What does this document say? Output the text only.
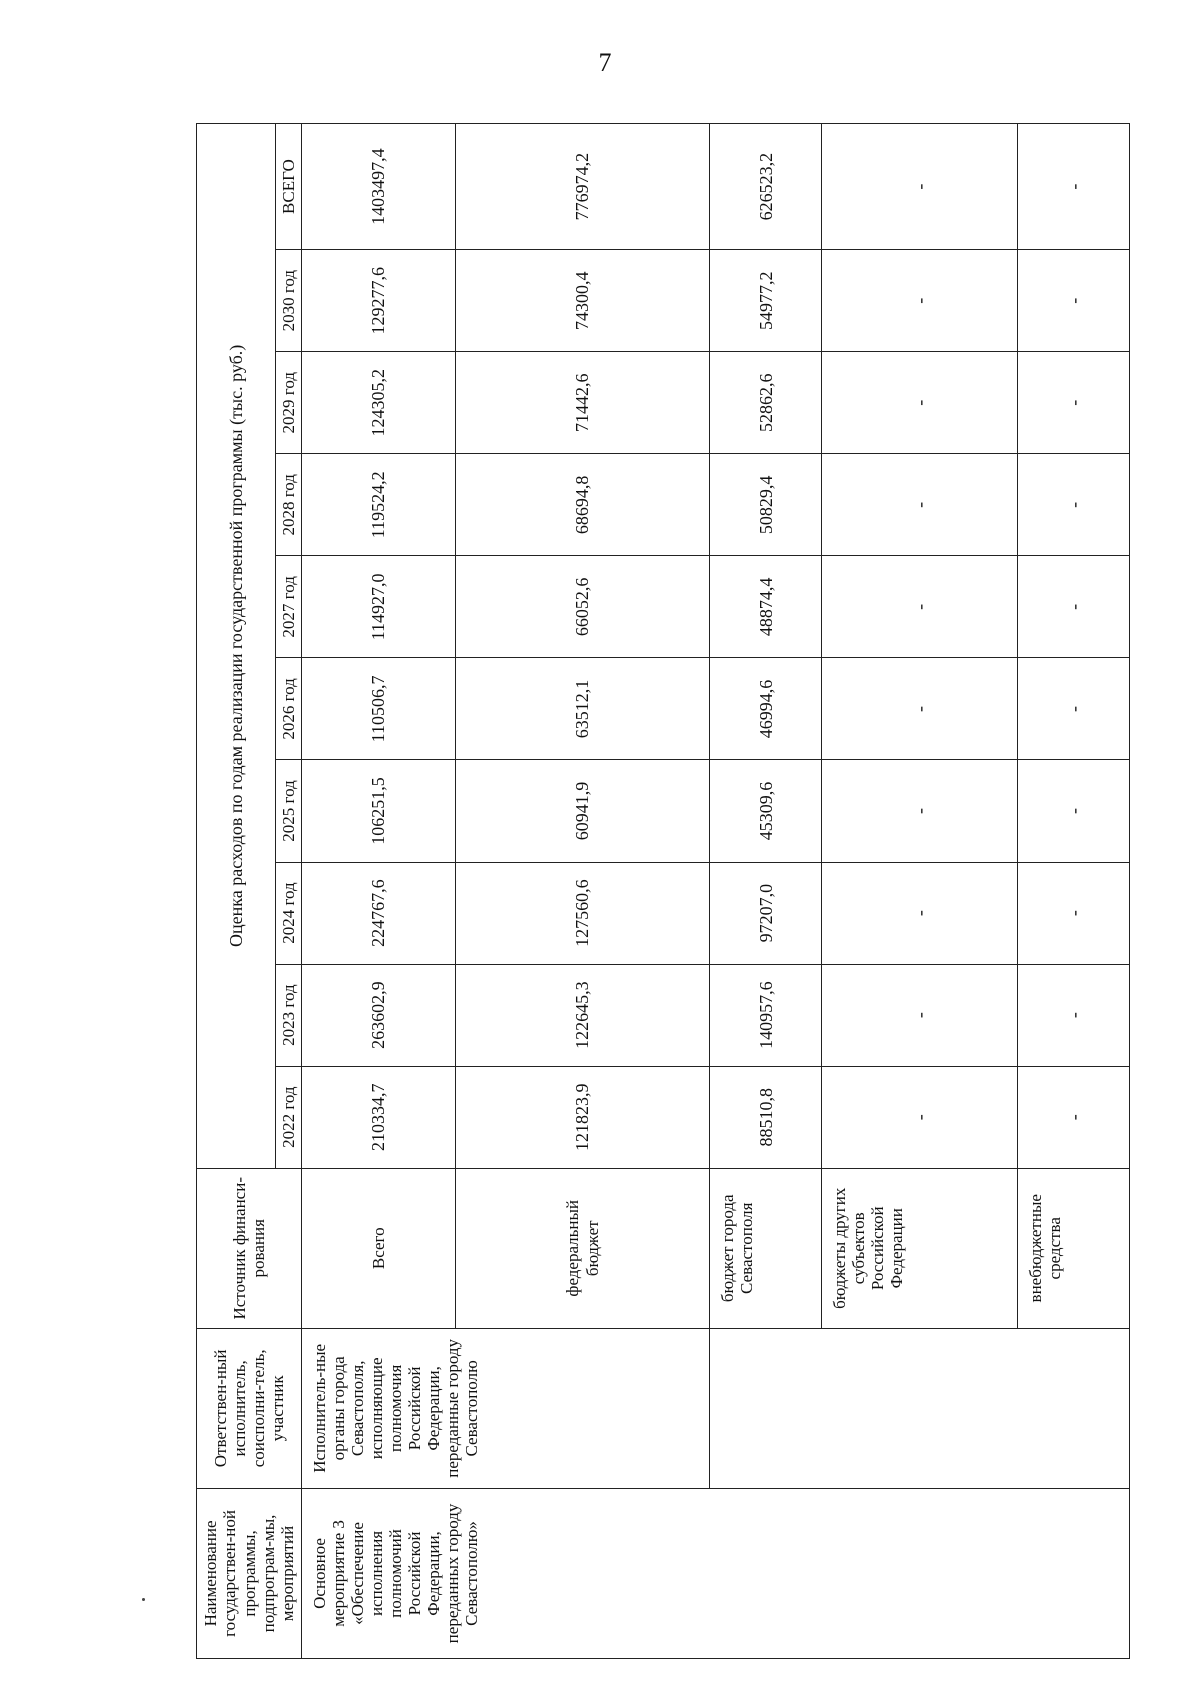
7
Наименование государствен-ной программы, подпрограм-мы, мероприятий	Ответствен-ный исполнитель, соисполни-тель, участник	Источник финанси-рования	Оценка расходов по годам реализации государственной программы (тыс. руб.)									
			2022 год	2023 год	2024 год	2025 год	2026 год	2027 год	2028 год	2029 год	2030 год	ВСЕГО
Основное мероприятие 3 «Обеспечение исполнения полномочий Российской Федерации, переданных городу Севастополю»	Исполнитель-ные органы города Севастополя, исполняющие полномочия Российской Федерации, переданные городу Севастополю	Всего	210334,7	263602,9	224767,6	106251,5	110506,7	114927,0	119524,2	124305,2	129277,6	1403497,4
		федеральный бюджет	121823,9	122645,3	127560,6	60941,9	63512,1	66052,6	68694,8	71442,6	74300,4	776974,2
		бюджет города Севастополя	88510,8	140957,6	97207,0	45309,6	46994,6	48874,4	50829,4	52862,6	54977,2	626523,2
		бюджеты других субъектов Российской Федерации	-	-	-	-	-	-	-	-	-	-
		внебюджетные средства	-	-	-	-	-	-	-	-	-	-
